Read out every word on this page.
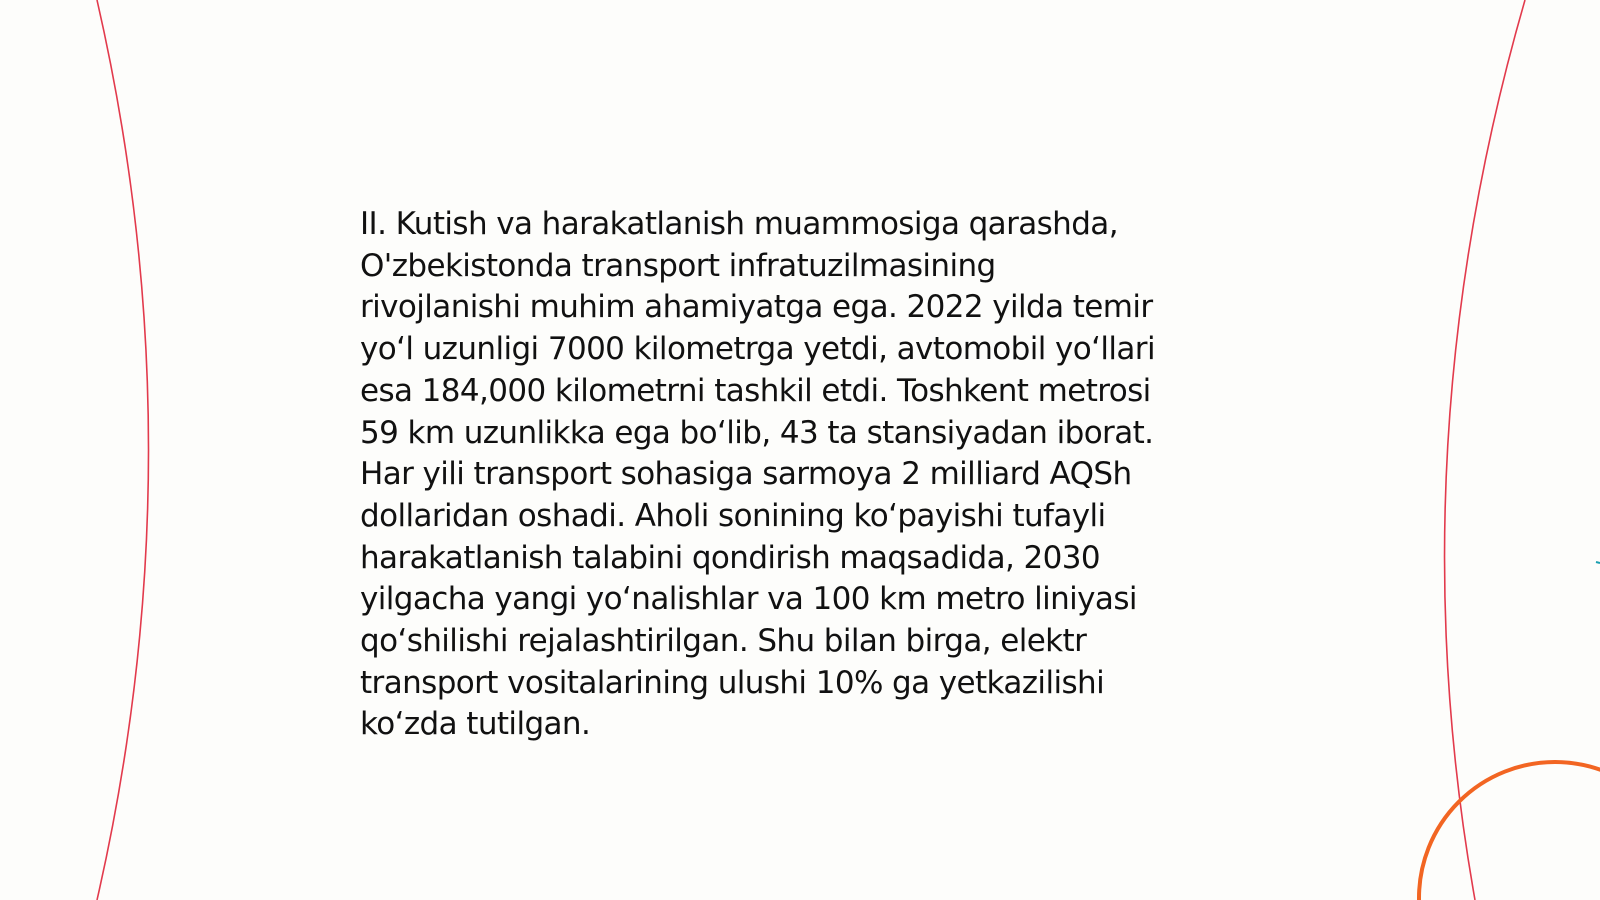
II. Kutish va harakatlanish muammosiga qarashda,
O'zbekistonda transport infratuzilmasining
rivojlanishi muhim ahamiyatga ega. 2022 yilda temir
yo‘l uzunligi 7000 kilometrga yetdi, avtomobil yo‘llari
esa 184,000 kilometrni tashkil etdi. Toshkent metrosi
59 km uzunlikka ega bo‘lib, 43 ta stansiyadan iborat.
Har yili transport sohasiga sarmoya 2 milliard AQSh
dollaridan oshadi. Aholi sonining ko‘payishi tufayli
harakatlanish talabini qondirish maqsadida, 2030
yilgacha yangi yo‘nalishlar va 100 km metro liniyasi
qo‘shilishi rejalashtirilgan. Shu bilan birga, elektr
transport vositalarining ulushi 10% ga yetkazilishi
ko‘zda tutilgan.
